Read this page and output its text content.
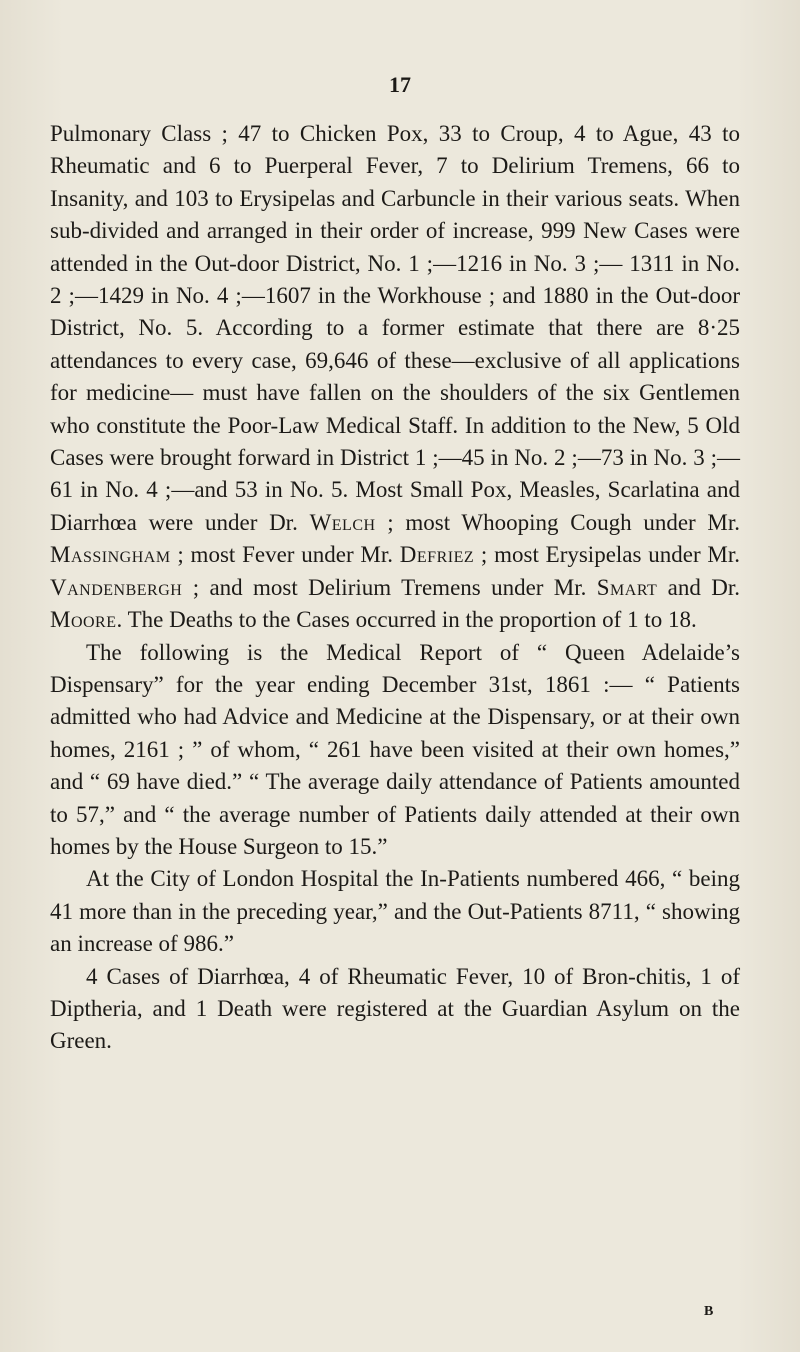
17

Pulmonary Class ; 47 to Chicken Pox, 33 to Croup, 4 to Ague, 43 to Rheumatic and 6 to Puerperal Fever, 7 to Delirium Tremens, 66 to Insanity, and 103 to Erysipelas and Carbuncle in their various seats. When sub-divided and arranged in their order of increase, 999 New Cases were attended in the Out-door District, No. 1 ;—1216 in No. 3 ;— 1311 in No. 2 ;—1429 in No. 4 ;—1607 in the Workhouse ; and 1880 in the Out-door District, No. 5. According to a former estimate that there are 8·25 attendances to every case, 69,646 of these—exclusive of all applications for medicine— must have fallen on the shoulders of the six Gentlemen who constitute the Poor-Law Medical Staff. In addition to the New, 5 Old Cases were brought forward in District 1 ;—45 in No. 2 ;—73 in No. 3 ;—61 in No. 4 ;—and 53 in No. 5. Most Small Pox, Measles, Scarlatina and Diarrhœa were under Dr. Welch ; most Whooping Cough under Mr. Massingham ; most Fever under Mr. Defriez ; most Erysipelas under Mr. Vandenbergh ; and most Delirium Tremens under Mr. Smart and Dr. Moore. The Deaths to the Cases occurred in the proportion of 1 to 18.

The following is the Medical Report of “ Queen Adelaide’s Dispensary” for the year ending December 31st, 1861 :— “ Patients admitted who had Advice and Medicine at the Dispensary, or at their own homes, 2161 ; ” of whom, “ 261 have been visited at their own homes,” and “ 69 have died.” “ The average daily attendance of Patients amounted to 57,” and “ the average number of Patients daily attended at their own homes by the House Surgeon to 15.”

At the City of London Hospital the In-Patients numbered 466, “ being 41 more than in the preceding year,” and the Out-Patients 8711, “ showing an increase of 986.”

4 Cases of Diarrhœa, 4 of Rheumatic Fever, 10 of Bron-chitis, 1 of Diptheria, and 1 Death were registered at the Guardian Asylum on the Green.

B
